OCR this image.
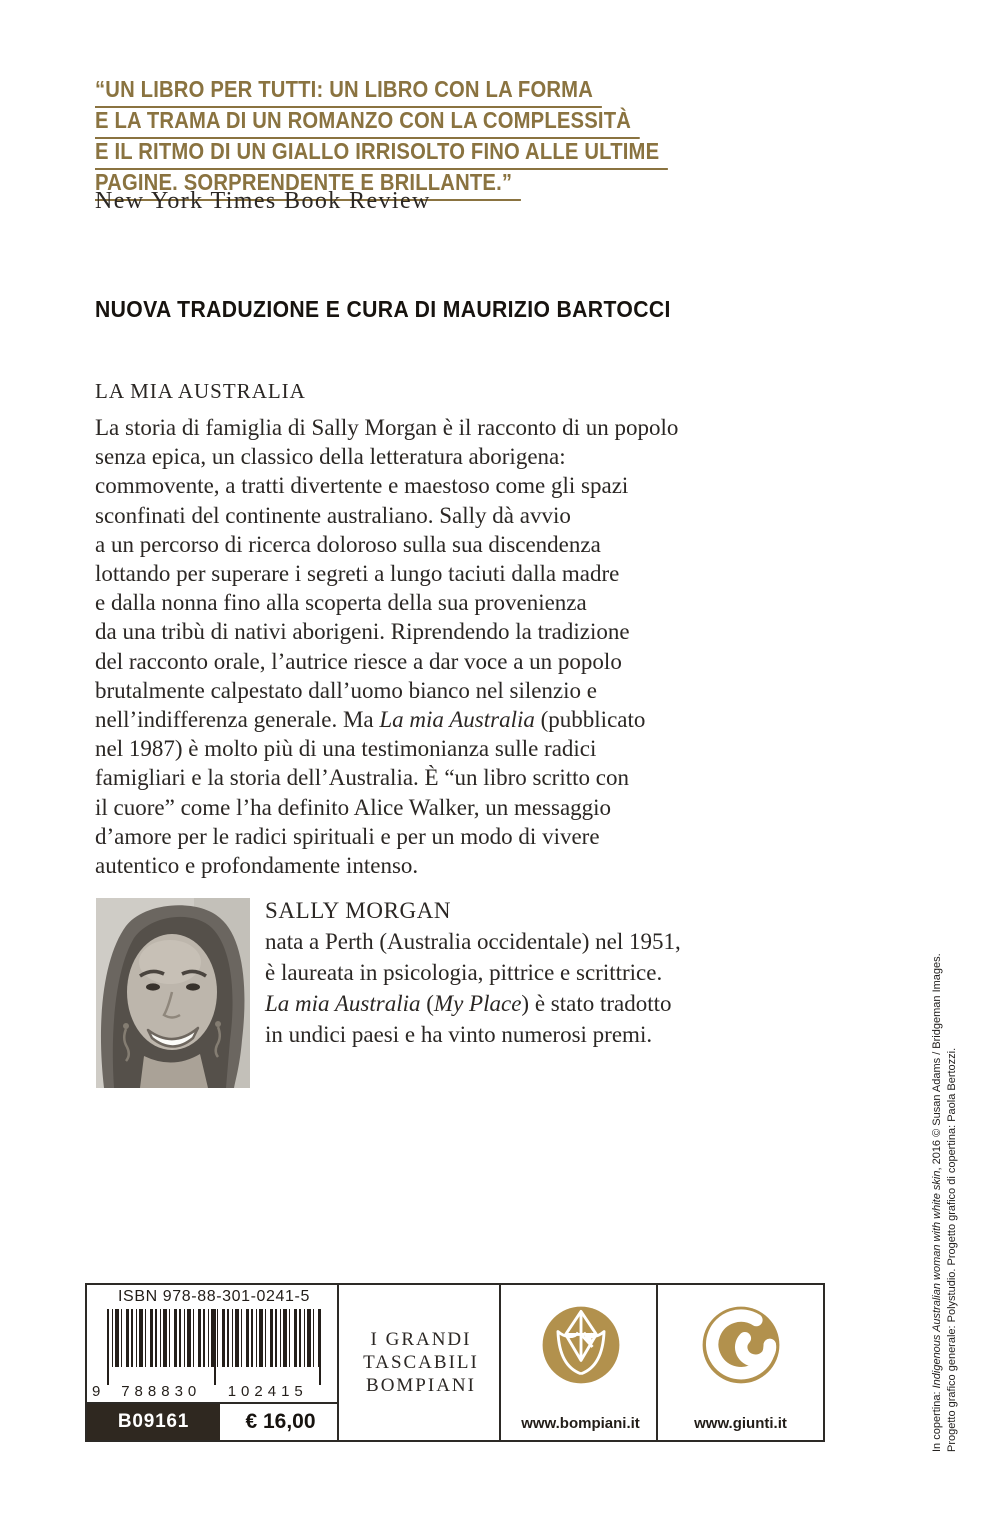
“UN LIBRO PER TUTTI: UN LIBRO CON LA FORMA
E LA TRAMA DI UN ROMANZO CON LA COMPLESSITÀ
E IL RITMO DI UN GIALLO IRRISOLTO FINO ALLE ULTIME
PAGINE. SORPRENDENTE E BRILLANTE.”
New York Times Book Review
NUOVA TRADUZIONE E CURA DI MAURIZIO BARTOCCI
LA MIA AUSTRALIA
La storia di famiglia di Sally Morgan è il racconto di un popolo
senza epica, un classico della letteratura aborigena:
commovente, a tratti divertente e maestoso come gli spazi
sconfinati del continente australiano. Sally dà avvio
a un percorso di ricerca doloroso sulla sua discendenza
lottando per superare i segreti a lungo taciuti dalla madre
e dalla nonna fino alla scoperta della sua provenienza
da una tribù di nativi aborigeni. Riprendendo la tradizione
del racconto orale, l’autrice riesce a dar voce a un popolo
brutalmente calpestato dall’uomo bianco nel silenzio e
nell’indifferenza generale. Ma La mia Australia (pubblicato
nel 1987) è molto più di una testimonianza sulle radici
famigliari e la storia dell’Australia. È “un libro scritto con
il cuore” come l’ha definito Alice Walker, un messaggio
d’amore per le radici spirituali e per un modo di vivere
autentico e profondamente intenso.
SALLY MORGAN
nata a Perth (Australia occidentale) nel 1951,
è laureata in psicologia, pittrice e scrittrice.
La mia Australia (My Place) è stato tradotto
in undici paesi e ha vinto numerosi premi.
ISBN 978-88-301-0241-5
9	788830	102415
B09161	€ 16,00
I GRANDI
TASCABILI
BOMPIANI
www.bompiani.it	www.giunti.it	In copertina: Indigenous Australian woman with white skin, 2016 © Susan Adams / Bridgeman Images. Progetto grafico generale: Polystudio. Progetto grafico di copertina: Paola Bertozzi.
